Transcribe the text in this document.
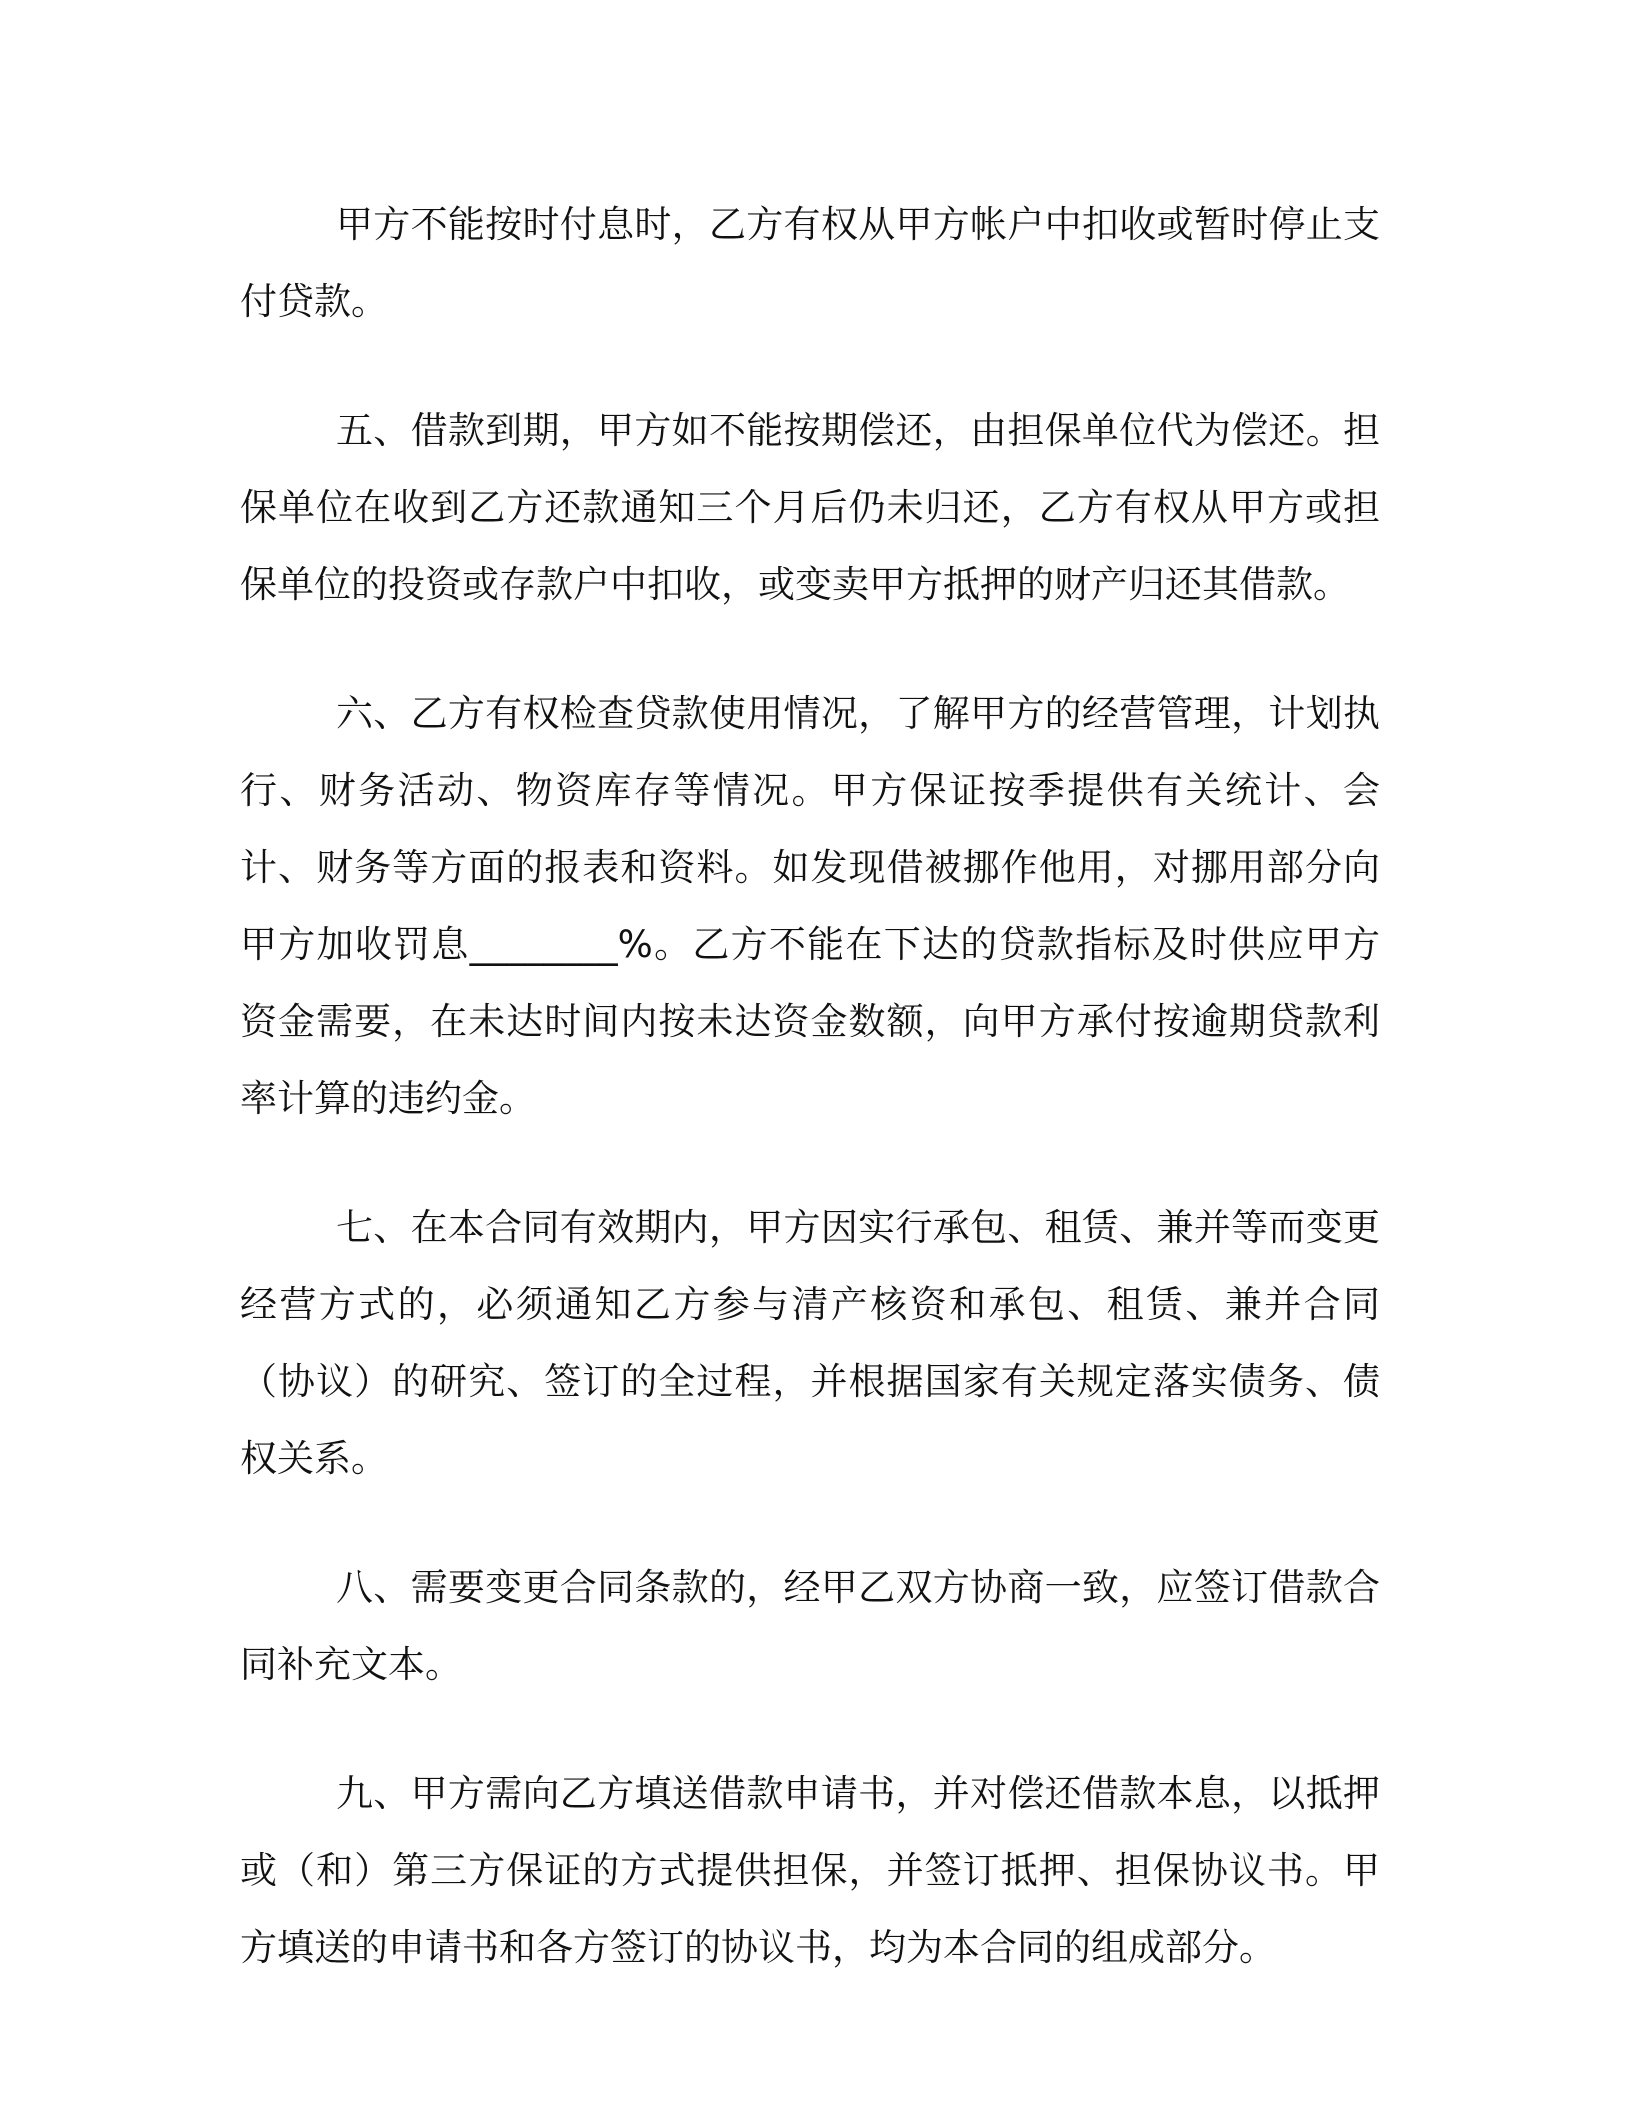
甲方不能按时付息时，乙方有权从甲方帐户中扣收或暂时停止支付贷款。

五、借款到期，甲方如不能按期偿还，由担保单位代为偿还。担保单位在收到乙方还款通知三个月后仍未归还，乙方有权从甲方或担保单位的投资或存款户中扣收，或变卖甲方抵押的财产归还其借款。

六、乙方有权检查贷款使用情况，了解甲方的经营管理，计划执行、财务活动、物资库存等情况。甲方保证按季提供有关统计、会计、财务等方面的报表和资料。如发现借被挪作他用，对挪用部分向甲方加收罚息________%。乙方不能在下达的贷款指标及时供应甲方资金需要，在未达时间内按未达资金数额，向甲方承付按逾期贷款利率计算的违约金。

七、在本合同有效期内，甲方因实行承包、租赁、兼并等而变更经营方式的，必须通知乙方参与清产核资和承包、租赁、兼并合同（协议）的研究、签订的全过程，并根据国家有关规定落实债务、债权关系。

八、需要变更合同条款的，经甲乙双方协商一致，应签订借款合同补充文本。

九、甲方需向乙方填送借款申请书，并对偿还借款本息，以抵押或（和）第三方保证的方式提供担保，并签订抵押、担保协议书。甲方填送的申请书和各方签订的协议书，均为本合同的组成部分。
